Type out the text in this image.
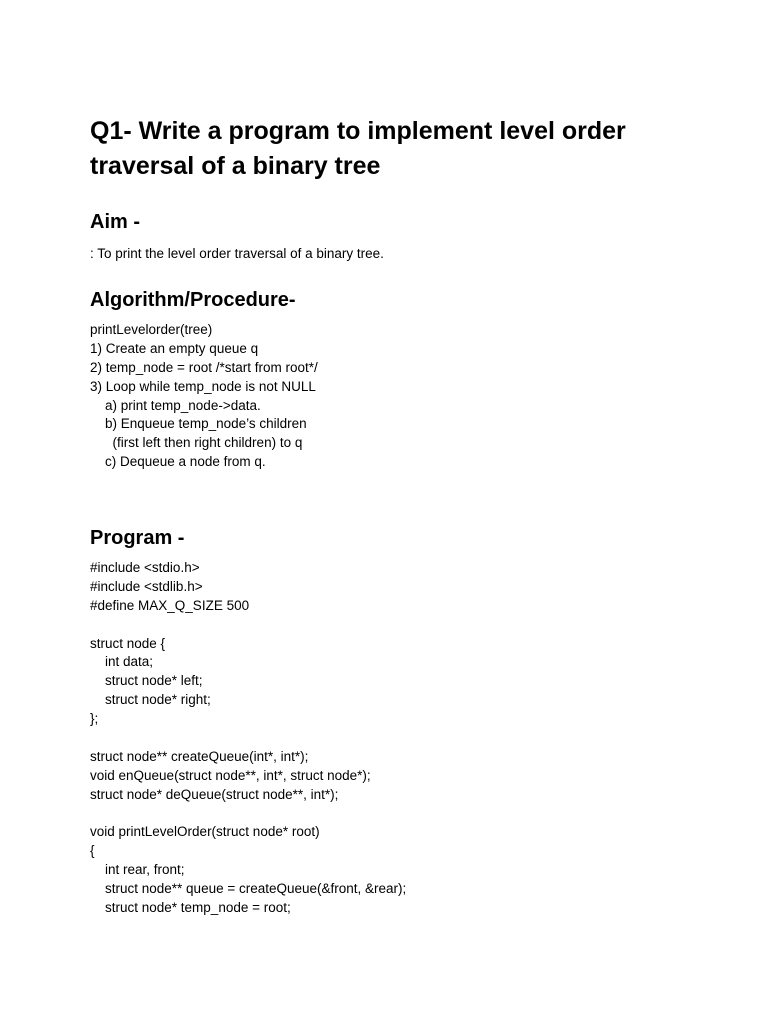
Q1- Write a program to implement level order traversal of a binary tree
Aim -

: To print the level order traversal of a binary tree.

Algorithm/Procedure-
printLevelorder(tree)
1) Create an empty queue q
2) temp_node = root /*start from root*/
3) Loop while temp_node is not NULL
a) print temp_node->data.
b) Enqueue temp_node’s children
(first left then right children) to q
c) Dequeue a node from q.
Program -
#include <stdio.h>
#include <stdlib.h>
#define MAX_Q_SIZE 500
struct node {
int data;
struct node* left;
struct node* right;
};
struct node** createQueue(int*, int*);
void enQueue(struct node**, int*, struct node*);
struct node* deQueue(struct node**, int*);
void printLevelOrder(struct node* root)
{
int rear, front;
struct node** queue = createQueue(&front, &rear);
struct node* temp_node = root;
